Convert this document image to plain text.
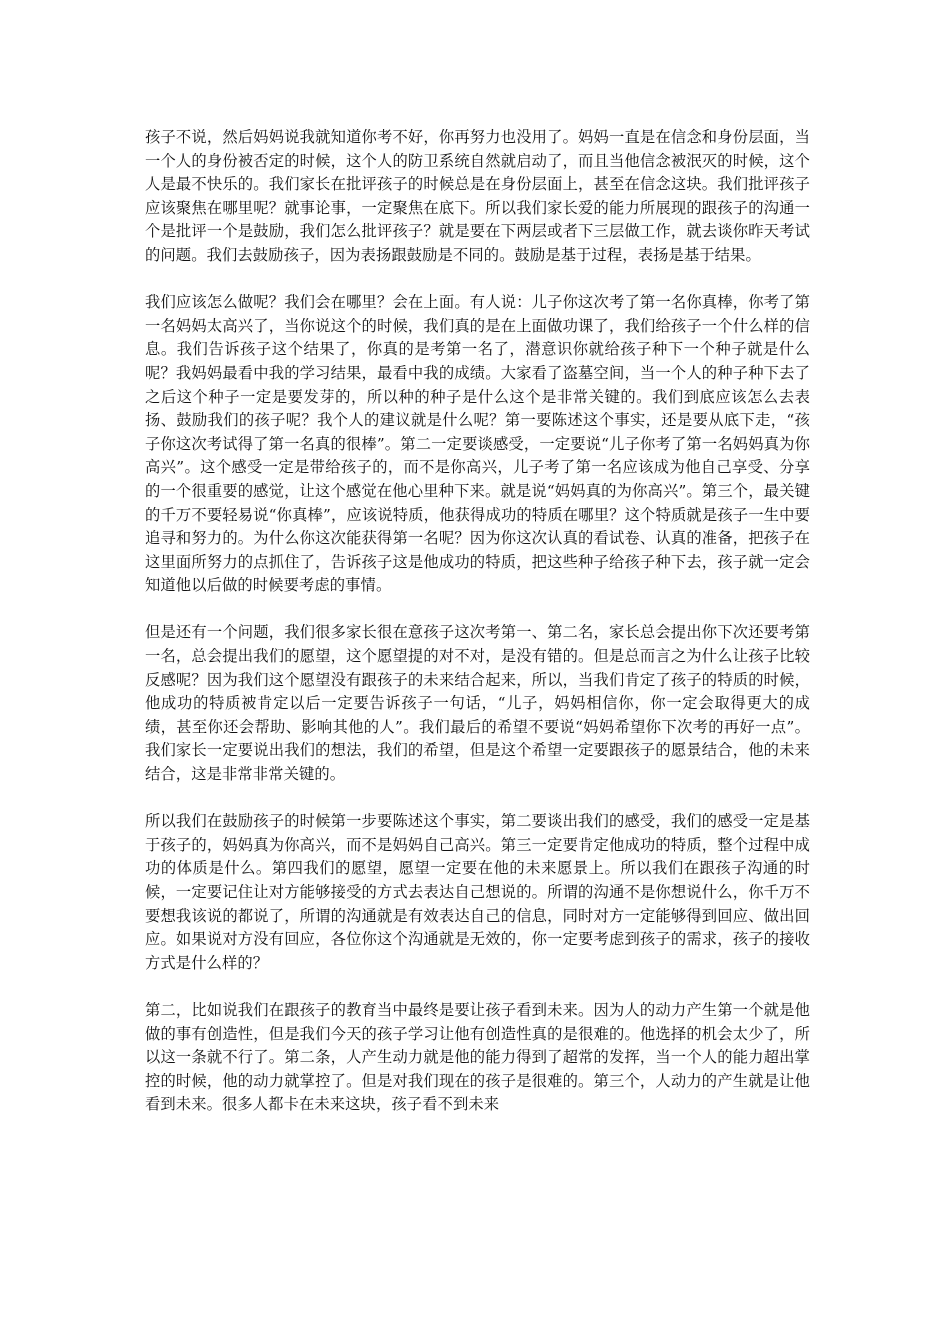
孩子不说，然后妈妈说我就知道你考不好，你再努力也没用了。妈妈一直是在信念和身份层面，当一个人的身份被否定的时候，这个人的防卫系统自然就启动了，而且当他信念被泯灭的时候，这个人是最不快乐的。我们家长在批评孩子的时候总是在身份层面上，甚至在信念这块。我们批评孩子应该聚焦在哪里呢？就事论事，一定聚焦在底下。所以我们家长爱的能力所展现的跟孩子的沟通一个是批评一个是鼓励，我们怎么批评孩子？就是要在下两层或者下三层做工作，就去谈你昨天考试的问题。我们去鼓励孩子，因为表扬跟鼓励是不同的。鼓励是基于过程，表扬是基于结果。

我们应该怎么做呢？我们会在哪里？会在上面。有人说：儿子你这次考了第一名你真棒，你考了第一名妈妈太高兴了，当你说这个的时候，我们真的是在上面做功课了，我们给孩子一个什么样的信息。我们告诉孩子这个结果了，你真的是考第一名了，潜意识你就给孩子种下一个种子就是什么呢？我妈妈最看中我的学习结果，最看中我的成绩。大家看了盗墓空间，当一个人的种子种下去了之后这个种子一定是要发芽的，所以种的种子是什么这个是非常关键的。我们到底应该怎么去表扬、鼓励我们的孩子呢？我个人的建议就是什么呢？第一要陈述这个事实，还是要从底下走，“孩子你这次考试得了第一名真的很棒”。第二一定要谈感受，一定要说“儿子你考了第一名妈妈真为你高兴”。这个感受一定是带给孩子的，而不是你高兴，儿子考了第一名应该成为他自己享受、分享的一个很重要的感觉，让这个感觉在他心里种下来。就是说“妈妈真的为你高兴”。第三个，最关键的千万不要轻易说“你真棒”，应该说特质，他获得成功的特质在哪里？这个特质就是孩子一生中要追寻和努力的。为什么你这次能获得第一名呢？因为你这次认真的看试卷、认真的准备，把孩子在这里面所努力的点抓住了，告诉孩子这是他成功的特质，把这些种子给孩子种下去，孩子就一定会知道他以后做的时候要考虑的事情。

但是还有一个问题，我们很多家长很在意孩子这次考第一、第二名，家长总会提出你下次还要考第一名，总会提出我们的愿望，这个愿望提的对不对，是没有错的。但是总而言之为什么让孩子比较反感呢？因为我们这个愿望没有跟孩子的未来结合起来，所以，当我们肯定了孩子的特质的时候，他成功的特质被肯定以后一定要告诉孩子一句话，“儿子，妈妈相信你，你一定会取得更大的成绩，甚至你还会帮助、影响其他的人”。我们最后的希望不要说“妈妈希望你下次考的再好一点”。我们家长一定要说出我们的想法，我们的希望，但是这个希望一定要跟孩子的愿景结合，他的未来结合，这是非常非常关键的。

所以我们在鼓励孩子的时候第一步要陈述这个事实，第二要谈出我们的感受，我们的感受一定是基于孩子的，妈妈真为你高兴，而不是妈妈自己高兴。第三一定要肯定他成功的特质，整个过程中成功的体质是什么。第四我们的愿望，愿望一定要在他的未来愿景上。所以我们在跟孩子沟通的时候，一定要记住让对方能够接受的方式去表达自己想说的。所谓的沟通不是你想说什么，你千万不要想我该说的都说了，所谓的沟通就是有效表达自己的信息，同时对方一定能够得到回应、做出回应。如果说对方没有回应，各位你这个沟通就是无效的，你一定要考虑到孩子的需求，孩子的接收方式是什么样的？

第二，比如说我们在跟孩子的教育当中最终是要让孩子看到未来。因为人的动力产生第一个就是他做的事有创造性，但是我们今天的孩子学习让他有创造性真的是很难的。他选择的机会太少了，所以这一条就不行了。第二条，人产生动力就是他的能力得到了超常的发挥，当一个人的能力超出掌控的时候，他的动力就掌控了。但是对我们现在的孩子是很难的。第三个，人动力的产生就是让他看到未来。很多人都卡在未来这块，孩子看不到未来
